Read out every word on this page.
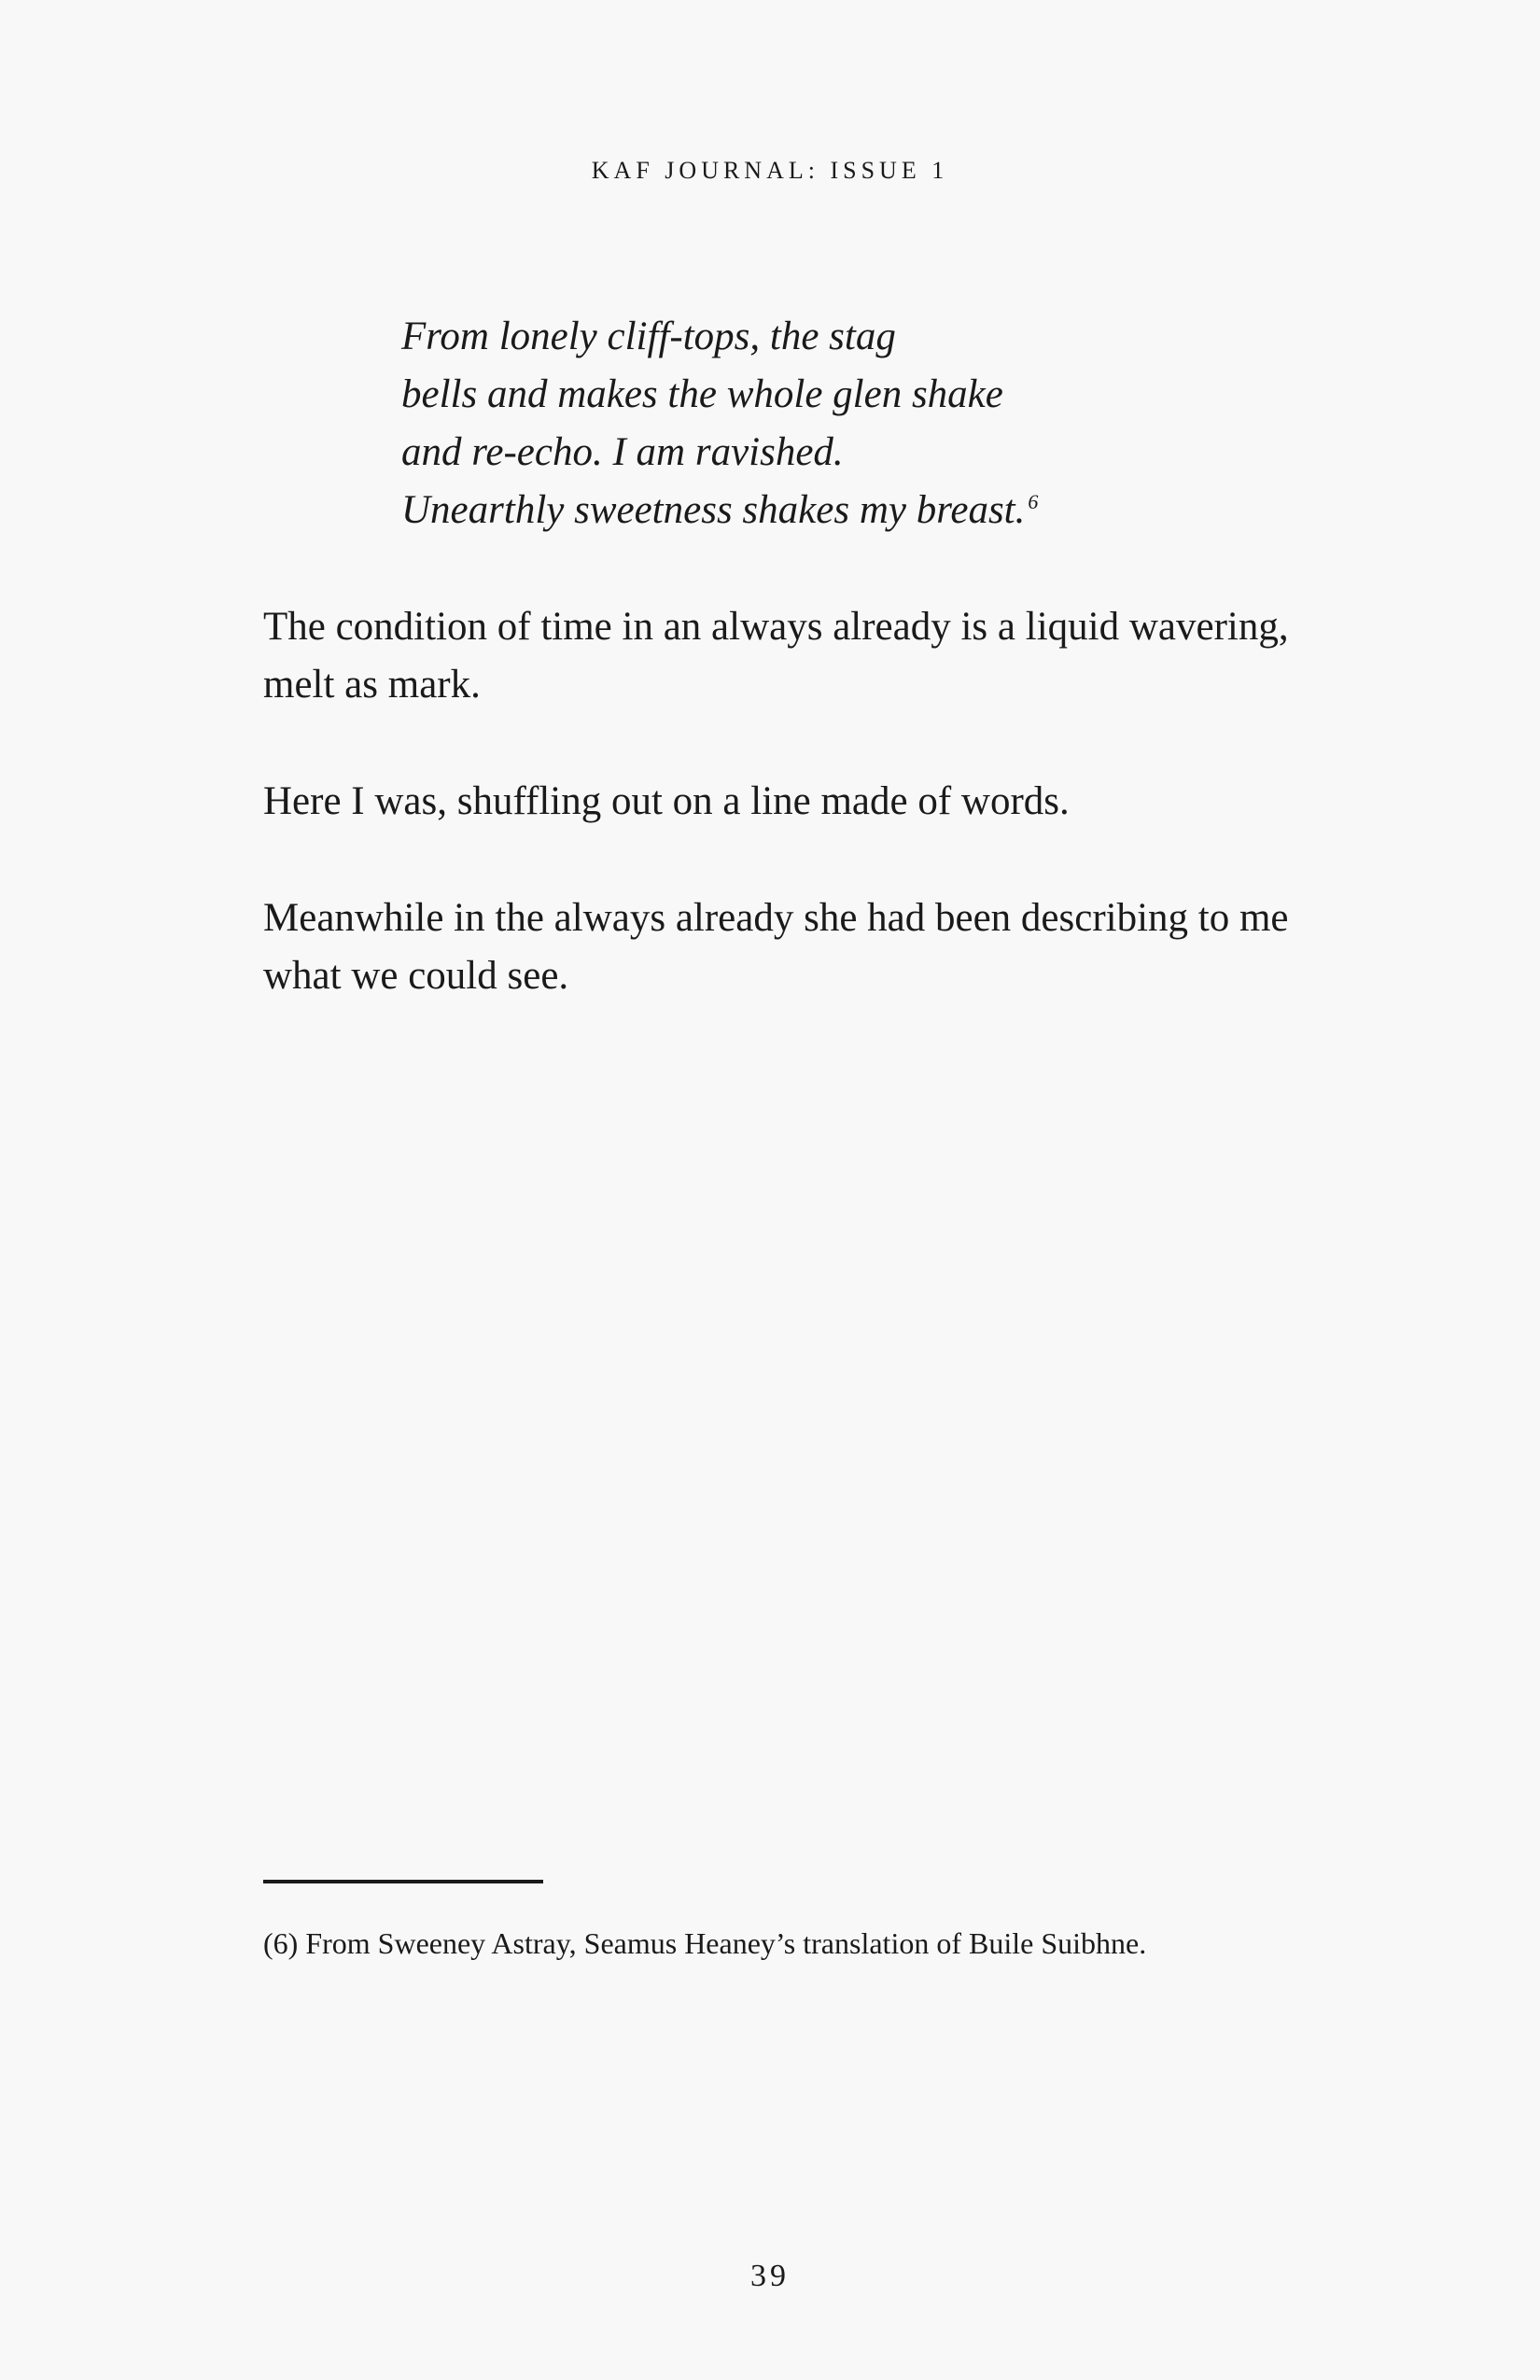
KAF JOURNAL: ISSUE 1
From lonely cliff-tops, the stag
bells and makes the whole glen shake
and re-echo. I am ravished.
Unearthly sweetness shakes my breast. $^6$

The condition of time in an always already is a liquid wavering, melt as mark.

Here I was, shuffling out on a line made of words.

Meanwhile in the always already she had been describing to me what we could see.

(6) From Sweeney Astray, Seamus Heaney’s translation of Buile Suibhne.
39
